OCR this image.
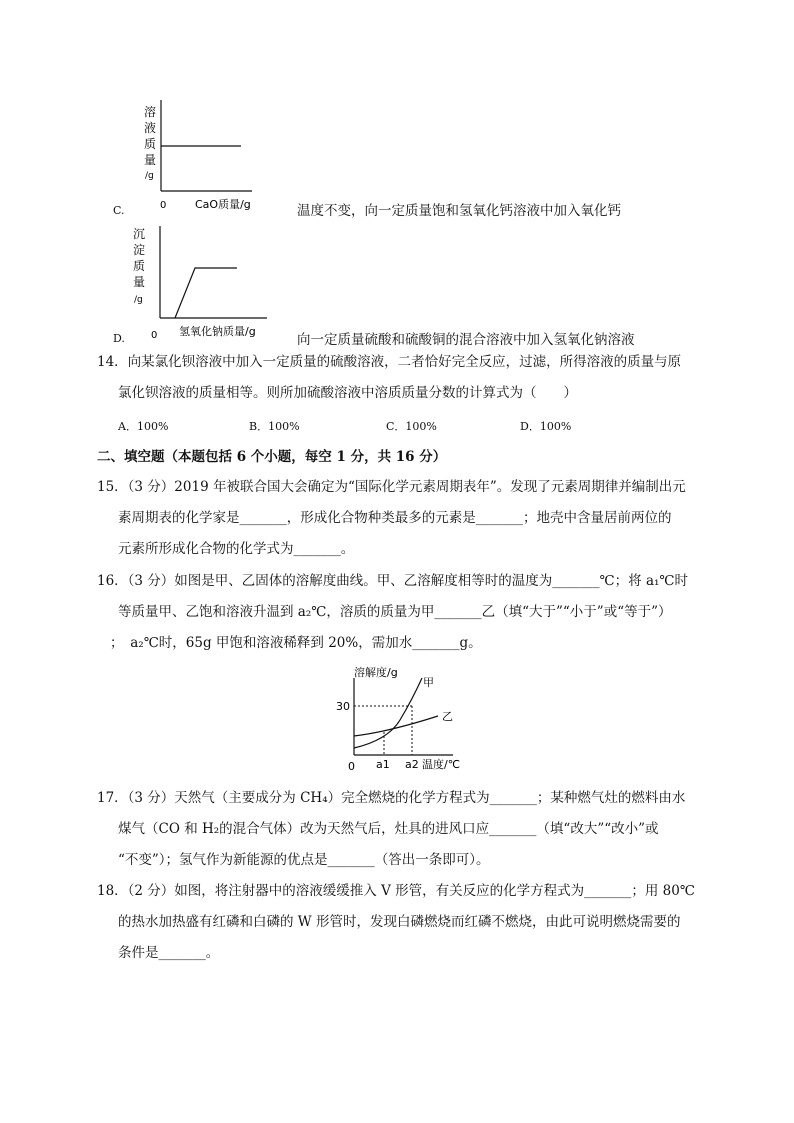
C.
溶
液
质
量
/g
0	CaO质量/g	温度不变，向一定质量饱和氢氧化钙溶液中加入氧化钙
D.
沉
淀
质
量
/g
0 氢氧化钠质量/g
向一定质量硫酸和硫酸铜的混合溶液中加入氢氧化钠溶液
14．向某氯化钡溶液中加入一定质量的硫酸溶液，二者恰好完全反应，过滤，所得溶液的质量与原
氯化钡溶液的质量相等。则所加硫酸溶液中溶质质量分数的计算式为（　　）
A．100%	B．100%	C．100%	D．100%
二、填空题（本题包括 6 个小题，每空 1 分，共 16 分）
15．（3 分）2019 年被联合国大会确定为“国际化学元素周期表年”。发现了元素周期律并编制出元
素周期表的化学家是_______，形成化合物种类最多的元素是_______；地壳中含量居前两位的
元素所形成化合物的化学式为_______。
16．（3 分）如图是甲、乙固体的溶解度曲线。甲、乙溶解度相等时的温度为_______℃；将 a₁℃时
等质量甲、乙饱和溶液升温到 a₂℃，溶质的质量为甲_______乙（填“大于”“小于”或“等于”）
；　a₂℃时，65g 甲饱和溶液稀释到 20%，需加水_______g。
溶解度/g
甲
乙
30
0 a1 a2 温度/℃
17．（3 分）天然气（主要成分为 CH₄）完全燃烧的化学方程式为_______；某种燃气灶的燃料由水
煤气（CO 和 H₂的混合气体）改为天然气后，灶具的进风口应_______（填“改大”“改小”或
“不变”）；氢气作为新能源的优点是_______（答出一条即可）。
18．（2 分）如图，将注射器中的溶液缓缓推入 V 形管，有关反应的化学方程式为_______；用 80℃
的热水加热盛有红磷和白磷的 W 形管时，发现白磷燃烧而红磷不燃烧，由此可说明燃烧需要的
条件是_______。
